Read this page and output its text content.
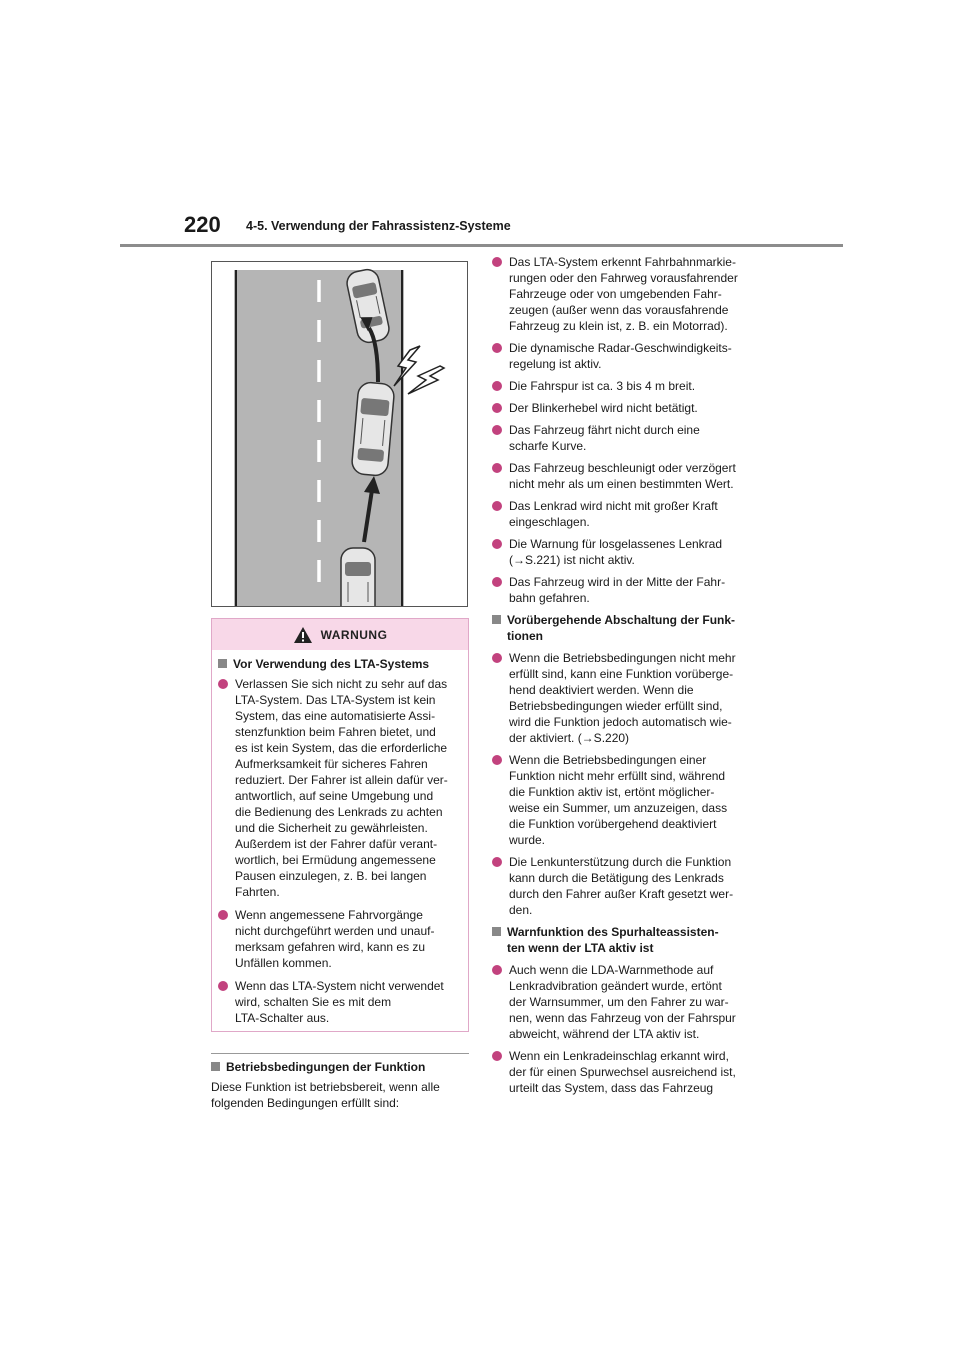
220 4-5. Verwendung der Fahrassistenz-Systeme
WARNUNG
Vor Verwendung des LTA-Systems
Verlassen Sie sich nicht zu sehr auf das
LTA-System. Das LTA-System ist kein
System, das eine automatisierte Assi-
stenzfunktion beim Fahren bietet, und
es ist kein System, das die erforderliche
Aufmerksamkeit für sicheres Fahren
reduziert. Der Fahrer ist allein dafür ver-
antwortlich, auf seine Umgebung und
die Bedienung des Lenkrads zu achten
und die Sicherheit zu gewährleisten.
Außerdem ist der Fahrer dafür verant-
wortlich, bei Ermüdung angemessene
Pausen einzulegen, z. B. bei langen
Fahrten.
Wenn angemessene Fahrvorgänge
nicht durchgeführt werden und unauf-
merksam gefahren wird, kann es zu
Unfällen kommen.
Wenn das LTA-System nicht verwendet
wird, schalten Sie es mit dem
LTA-Schalter aus.
Betriebsbedingungen der Funktion
Diese Funktion ist betriebsbereit, wenn alle
folgenden Bedingungen erfüllt sind:
Das LTA-System erkennt Fahrbahnmarkie-
rungen oder den Fahrweg vorausfahrender
Fahrzeuge oder von umgebenden Fahr-
zeugen (außer wenn das vorausfahrende
Fahrzeug zu klein ist, z. B. ein Motorrad).
Die dynamische Radar-Geschwindigkeits-
regelung ist aktiv.
Die Fahrspur ist ca. 3 bis 4 m breit.
Der Blinkerhebel wird nicht betätigt.
Das Fahrzeug fährt nicht durch eine
scharfe Kurve.
Das Fahrzeug beschleunigt oder verzögert
nicht mehr als um einen bestimmten Wert.
Das Lenkrad wird nicht mit großer Kraft
eingeschlagen.
Die Warnung für losgelassenes Lenkrad
(→S.221) ist nicht aktiv.
Das Fahrzeug wird in der Mitte der Fahr-
bahn gefahren.
Vorübergehende Abschaltung der Funk-
tionen
Wenn die Betriebsbedingungen nicht mehr
erfüllt sind, kann eine Funktion vorüberge-
hend deaktiviert werden. Wenn die
Betriebsbedingungen wieder erfüllt sind,
wird die Funktion jedoch automatisch wie-
der aktiviert. (→S.220)
Wenn die Betriebsbedingungen einer
Funktion nicht mehr erfüllt sind, während
die Funktion aktiv ist, ertönt möglicher-
weise ein Summer, um anzuzeigen, dass
die Funktion vorübergehend deaktiviert
wurde.
Die Lenkunterstützung durch die Funktion
kann durch die Betätigung des Lenkrads
durch den Fahrer außer Kraft gesetzt wer-
den.
Warnfunktion des Spurhalteassisten-
ten wenn der LTA aktiv ist
Auch wenn die LDA-Warnmethode auf
Lenkradvibration geändert wurde, ertönt
der Warnsummer, um den Fahrer zu war-
nen, wenn das Fahrzeug von der Fahrspur
abweicht, während der LTA aktiv ist.
Wenn ein Lenkradeinschlag erkannt wird,
der für einen Spurwechsel ausreichend ist,
urteilt das System, dass das Fahrzeug
